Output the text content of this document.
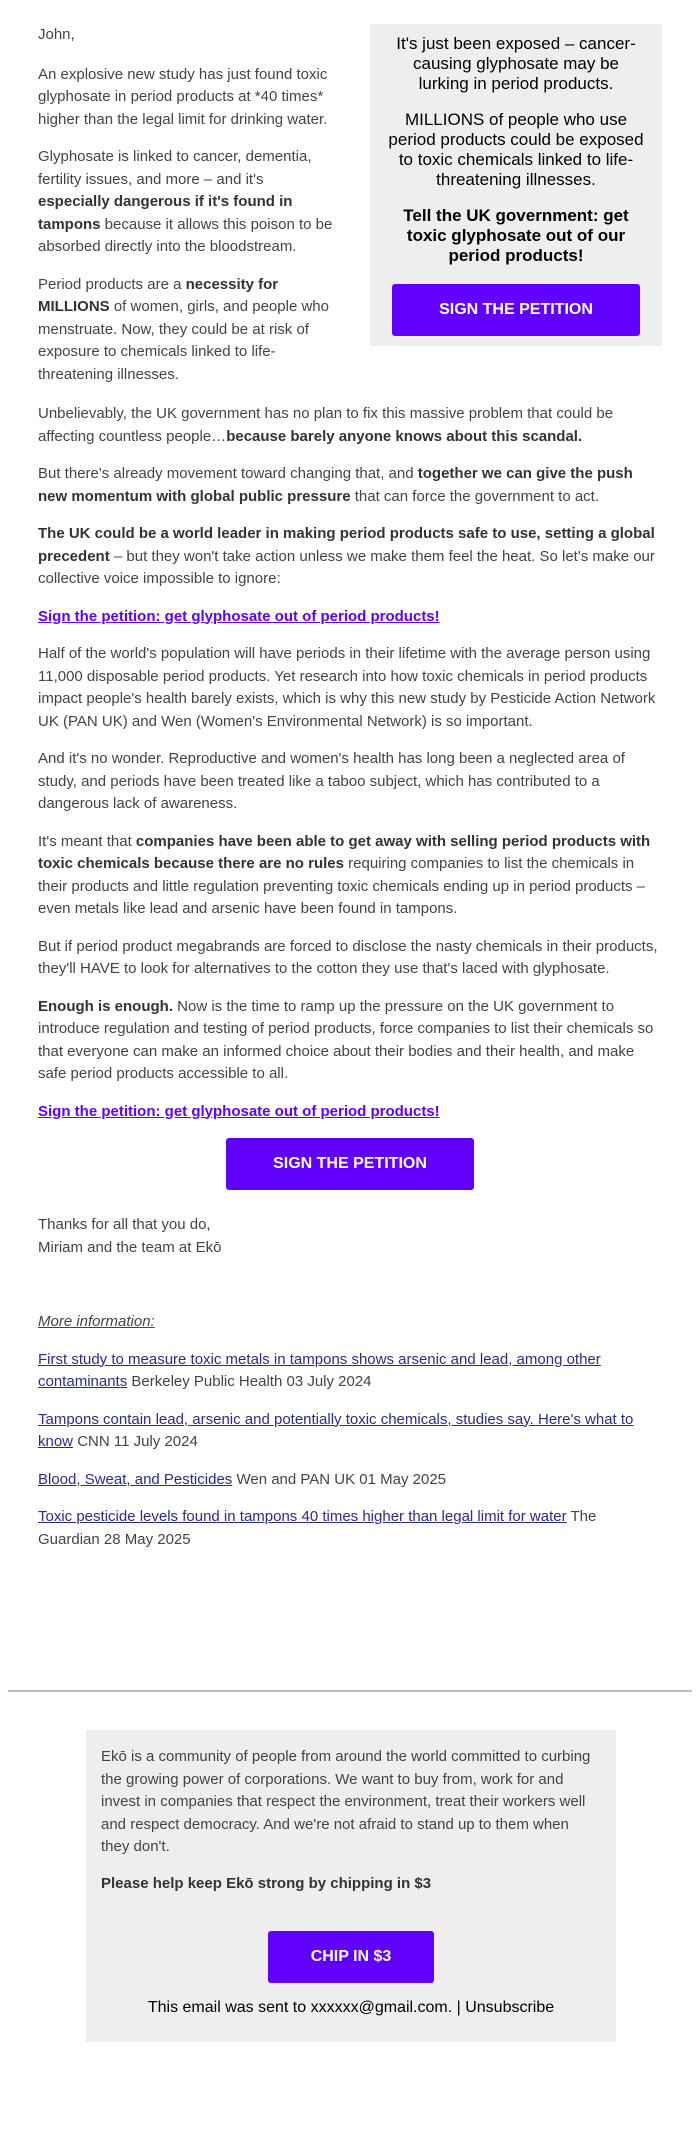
It's just been exposed – cancer-causing glyphosate may be lurking in period products.

MILLIONS of people who use period products could be exposed to toxic chemicals linked to life-threatening illnesses.

Tell the UK government: get toxic glyphosate out of our period products!

SIGN THE PETITION

John,

An explosive new study has just found toxic glyphosate in period products at *40 times* higher than the legal limit for drinking water.

Glyphosate is linked to cancer, dementia, fertility issues, and more – and it's especially dangerous if it's found in tampons because it allows this poison to be absorbed directly into the bloodstream.

Period products are a necessity for MILLIONS of women, girls, and people who menstruate. Now, they could be at risk of exposure to chemicals linked to life-threatening illnesses.

Unbelievably, the UK government has no plan to fix this massive problem that could be affecting countless people…because barely anyone knows about this scandal.

But there's already movement toward changing that, and together we can give the push new momentum with global public pressure that can force the government to act.

The UK could be a world leader in making period products safe to use, setting a global precedent – but they won't take action unless we make them feel the heat. So let's make our collective voice impossible to ignore:

Sign the petition: get glyphosate out of period products!

Half of the world's population will have periods in their lifetime with the average person using 11,000 disposable period products. Yet research into how toxic chemicals in period products impact people's health barely exists, which is why this new study by Pesticide Action Network UK (PAN UK) and Wen (Women's Environmental Network) is so important.

And it's no wonder. Reproductive and women's health has long been a neglected area of study, and periods have been treated like a taboo subject, which has contributed to a dangerous lack of awareness.

It's meant that companies have been able to get away with selling period products with toxic chemicals because there are no rules requiring companies to list the chemicals in their products and little regulation preventing toxic chemicals ending up in period products – even metals like lead and arsenic have been found in tampons.

But if period product megabrands are forced to disclose the nasty chemicals in their products, they'll HAVE to look for alternatives to the cotton they use that's laced with glyphosate.

Enough is enough. Now is the time to ramp up the pressure on the UK government to introduce regulation and testing of period products, force companies to list their chemicals so that everyone can make an informed choice about their bodies and their health, and make safe period products accessible to all.

Sign the petition: get glyphosate out of period products!

SIGN THE PETITION

Thanks for all that you do,

Miriam and the team at Ekō

More information:

First study to measure toxic metals in tampons shows arsenic and lead, among other contaminants Berkeley Public Health 03 July 2024

Tampons contain lead, arsenic and potentially toxic chemicals, studies say. Here's what to know CNN 11 July 2024

Blood, Sweat, and Pesticides Wen and PAN UK 01 May 2025

Toxic pesticide levels found in tampons 40 times higher than legal limit for water The Guardian 28 May 2025

Ekō is a community of people from around the world committed to curbing the growing power of corporations. We want to buy from, work for and invest in companies that respect the environment, treat their workers well and respect democracy. And we're not afraid to stand up to them when they don't.

Please help keep Ekō strong by chipping in $3

CHIP IN $3

This email was sent to xxxxxx@gmail.com. | Unsubscribe
